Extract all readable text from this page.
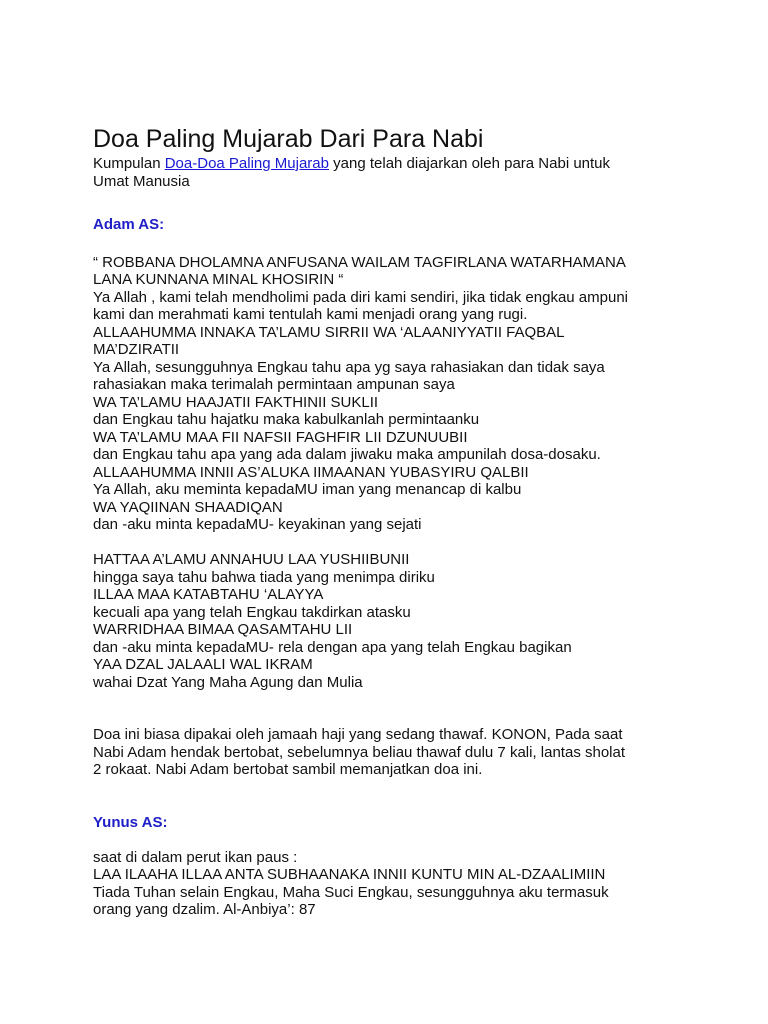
Doa Paling Mujarab Dari Para Nabi

Kumpulan Doa-Doa Paling Mujarab yang telah diajarkan oleh para Nabi untuk
Umat Manusia

Adam AS:

“ ROBBANA DHOLAMNA ANFUSANA WAILAM TAGFIRLANA WATARHAMANA

LANA KUNNANA MINAL KHOSIRIN “

Ya Allah , kami telah mendholimi pada diri kami sendiri, jika tidak engkau ampuni

kami dan merahmati kami tentulah kami menjadi orang yang rugi.

ALLAAHUMMA INNAKA TA’LAMU SIRRII WA ‘ALAANIYYATII FAQBAL

MA’DZIRATII

Ya Allah, sesungguhnya Engkau tahu apa yg saya rahasiakan dan tidak saya

rahasiakan maka terimalah permintaan ampunan saya

WA TA’LAMU HAAJATII FAKTHINII SUKLII

dan Engkau tahu hajatku maka kabulkanlah permintaanku

WA TA’LAMU MAA FII NAFSII FAGHFIR LII DZUNUUBII

dan Engkau tahu apa yang ada dalam jiwaku maka ampunilah dosa-dosaku.

ALLAAHUMMA INNII AS’ALUKA IIMAANAN YUBASYIRU QALBII

Ya Allah, aku meminta kepadaMU iman yang menancap di kalbu

WA YAQIINAN SHAADIQAN

dan -aku minta kepadaMU- keyakinan yang sejati

HATTAA A’LAMU ANNAHUU LAA YUSHIIBUNII

hingga saya tahu bahwa tiada yang menimpa diriku

ILLAA MAA KATABTAHU ‘ALAYYA

kecuali apa yang telah Engkau takdirkan atasku

WARRIDHAA BIMAA QASAMTAHU LII

dan -aku minta kepadaMU- rela dengan apa yang telah Engkau bagikan

YAA DZAL JALAALI WAL IKRAM

wahai Dzat Yang Maha Agung dan Mulia

Doa ini biasa dipakai oleh jamaah haji yang sedang thawaf. KONON, Pada saat

Nabi Adam hendak bertobat, sebelumnya beliau thawaf dulu 7 kali, lantas sholat

2 rokaat. Nabi Adam bertobat sambil memanjatkan doa ini.

Yunus AS:

saat di dalam perut ikan paus :

LAA ILAAHA ILLAA ANTA SUBHAANAKA INNII KUNTU MIN AL-DZAALIMIIN

Tiada Tuhan selain Engkau, Maha Suci Engkau, sesungguhnya aku termasuk

orang yang dzalim. Al-Anbiya’: 87
